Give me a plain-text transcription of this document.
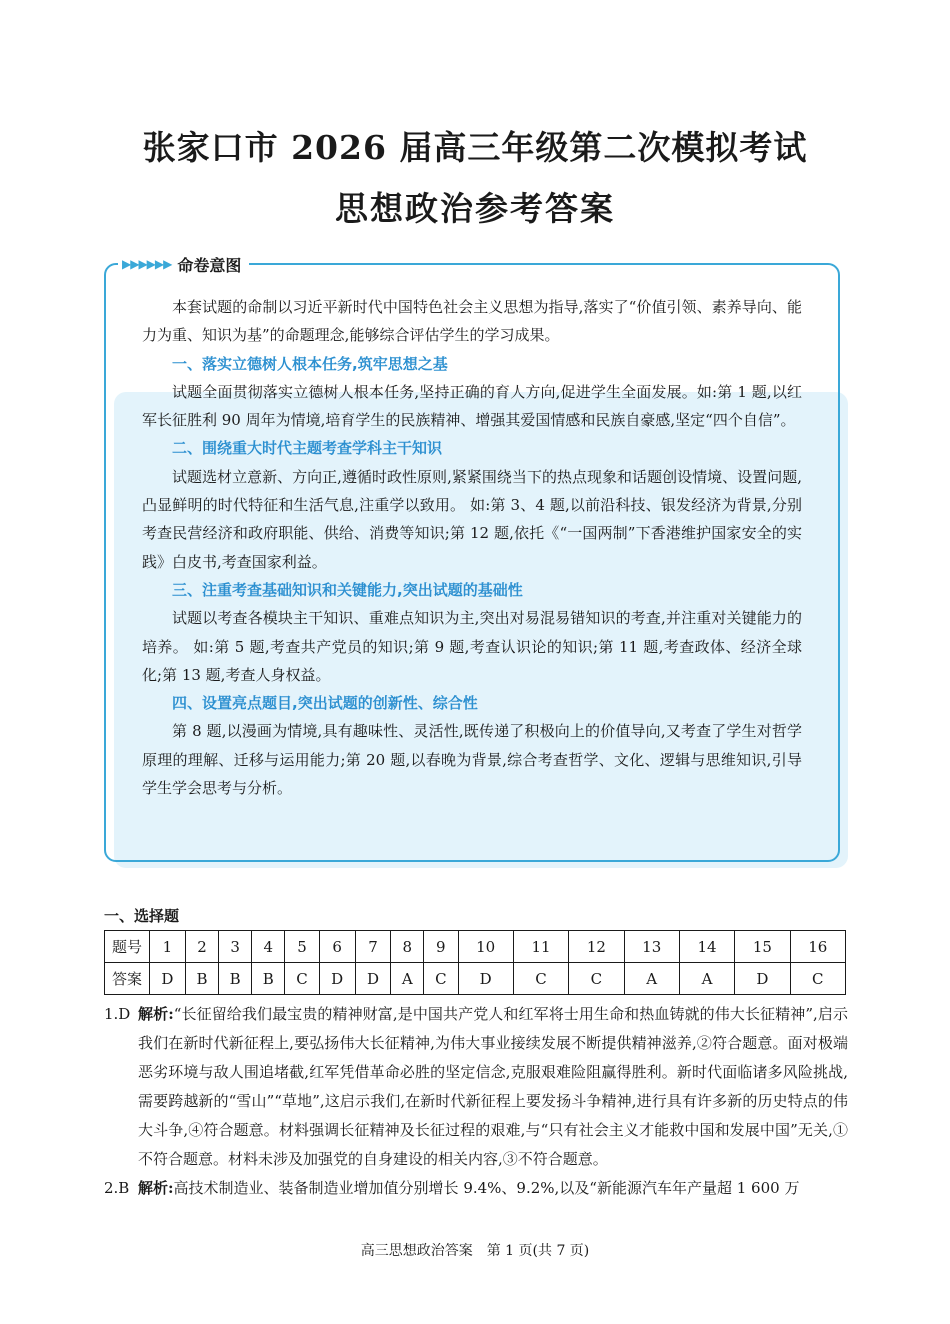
张家口市 2026 届高三年级第二次模拟考试
思想政治参考答案
▶▶▶▶▶▶ 命卷意图

本套试题的命制以习近平新时代中国特色社会主义思想为指导,落实了“价值引领、素养导向、能力为重、知识为基”的命题理念,能够综合评估学生的学习成果。

一、落实立德树人根本任务,筑牢思想之基

试题全面贯彻落实立德树人根本任务,坚持正确的育人方向,促进学生全面发展。如:第 1 题,以红军长征胜利 90 周年为情境,培育学生的民族精神、增强其爱国情感和民族自豪感,坚定“四个自信”。

二、围绕重大时代主题考查学科主干知识

试题选材立意新、方向正,遵循时政性原则,紧紧围绕当下的热点现象和话题创设情境、设置问题,凸显鲜明的时代特征和生活气息,注重学以致用。 如:第 3、4 题,以前沿科技、银发经济为背景,分别考查民营经济和政府职能、供给、消费等知识;第 12 题,依托《“一国两制”下香港维护国家安全的实践》白皮书,考查国家利益。

三、注重考查基础知识和关键能力,突出试题的基础性

试题以考查各模块主干知识、重难点知识为主,突出对易混易错知识的考查,并注重对关键能力的培养。 如:第 5 题,考查共产党员的知识;第 9 题,考查认识论的知识;第 11 题,考查政体、经济全球化;第 13 题,考查人身权益。

四、设置亮点题目,突出试题的创新性、综合性

第 8 题,以漫画为情境,具有趣味性、灵活性,既传递了积极向上的价值导向,又考查了学生对哲学原理的理解、迁移与运用能力;第 20 题,以春晚为背景,综合考查哲学、文化、逻辑与思维知识,引导学生学会思考与分析。

一、选择题
题号	1	2	3	4	5	6	7	8	9	10	11	12	13	14	15	16
答案	D	B	B	B	C	D	D	A	C	D	C	C	A	A	D	C
1.D 解析:“长征留给我们最宝贵的精神财富,是中国共产党人和红军将士用生命和热血铸就的伟大长征精神”,启示我们在新时代新征程上,要弘扬伟大长征精神,为伟大事业接续发展不断提供精神滋养,②符合题意。面对极端恶劣环境与敌人围追堵截,红军凭借革命必胜的坚定信念,克服艰难险阻赢得胜利。新时代面临诸多风险挑战,需要跨越新的“雪山”“草地”,这启示我们,在新时代新征程上要发扬斗争精神,进行具有许多新的历史特点的伟大斗争,④符合题意。材料强调长征精神及长征过程的艰难,与“只有社会主义才能救中国和发展中国”无关,①不符合题意。材料未涉及加强党的自身建设的相关内容,③不符合题意。
2.B 解析:高技术制造业、装备制造业增加值分别增长 9.4%、9.2%,以及“新能源汽车年产量超 1 600 万
高三思想政治答案　第 1 页(共 7 页)
